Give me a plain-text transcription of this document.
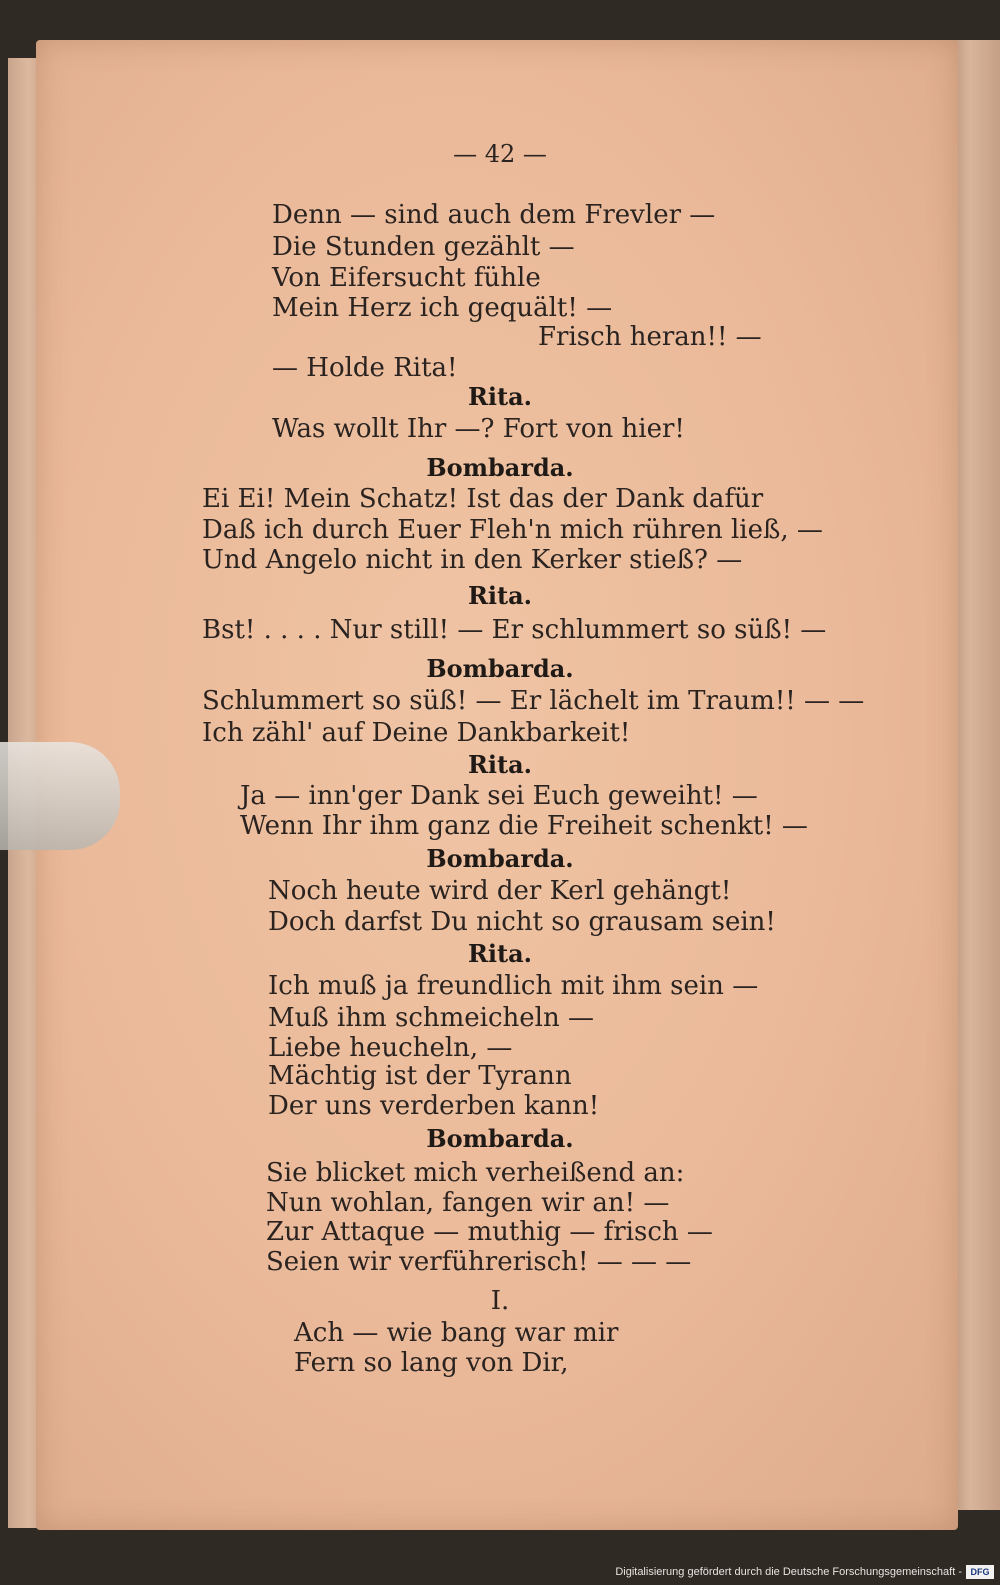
— 42 —
Denn — sind auch dem Frevler —
Die Stunden gezählt —
Von Eifersucht fühle
Mein Herz ich gequält! —
Frisch heran!! —
— Holde Rita!
Rita.
Was wollt Ihr —? Fort von hier!
Bombarda.
Ei Ei! Mein Schatz! Ist das der Dank dafür
Daß ich durch Euer Fleh'n mich rühren ließ, —
Und Angelo nicht in den Kerker stieß? —
Rita.
Bst! . . . . Nur still! — Er schlummert so süß! —
Bombarda.
Schlummert so süß! — Er lächelt im Traum!! — —
Ich zähl' auf Deine Dankbarkeit!
Rita.
Ja — inn'ger Dank sei Euch geweiht! —
Wenn Ihr ihm ganz die Freiheit schenkt! —
Bombarda.
Noch heute wird der Kerl gehängt!
Doch darfst Du nicht so grausam sein!
Rita.
Ich muß ja freundlich mit ihm sein —
Muß ihm schmeicheln —
Liebe heucheln, —
Mächtig ist der Tyrann
Der uns verderben kann!
Bombarda.
Sie blicket mich verheißend an:
Nun wohlan, fangen wir an! —
Zur Attaque — muthig — frisch —
Seien wir verführerisch! — — —
I.
Ach — wie bang war mir
Fern so lang von Dir,
Digitalisierung gefördert durch die Deutsche Forschungsgemeinschaft - DFG
